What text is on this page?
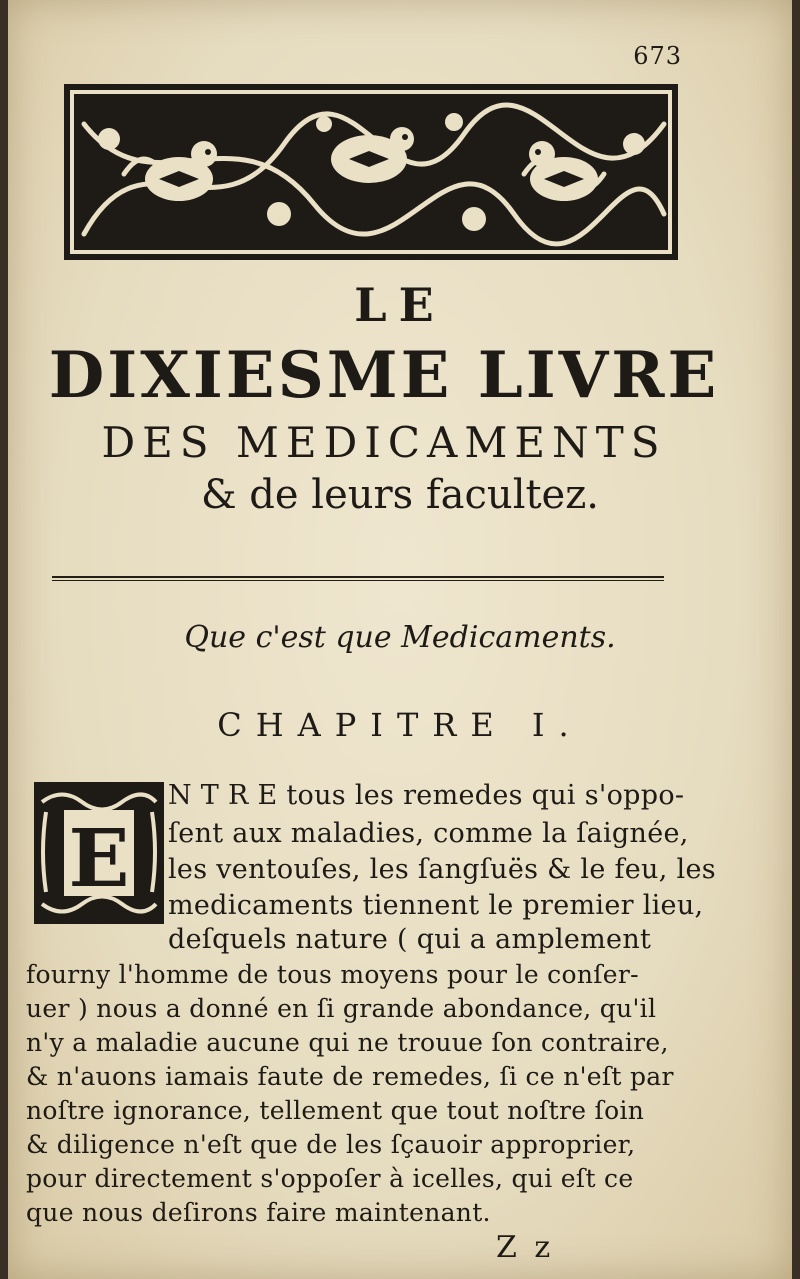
673
LE
DIXIESME LIVRE
DES MEDICAMENTS
& de leurs facultez.
Que c'est que Medicaments.
CHAPITRE I.
E
N T R E tous les remedes qui s'oppo-
ſent aux maladies, comme la ſaignée,
les ventouſes, les ſangſuës & le feu, les
medicaments tiennent le premier lieu,
deſquels nature ( qui a amplement
fourny l'homme de tous moyens pour le conſer-
uer ) nous a donné en ſi grande abondance, qu'il
n'y a maladie aucune qui ne trouue ſon contraire,
& n'auons iamais faute de remedes, ſi ce n'eſt par
noſtre ignorance, tellement que tout noſtre ſoin
& diligence n'eſt que de les ſçauoir approprier,
pour directement s'oppoſer à icelles, qui eſt ce
que nous deſirons faire maintenant.
Z z
